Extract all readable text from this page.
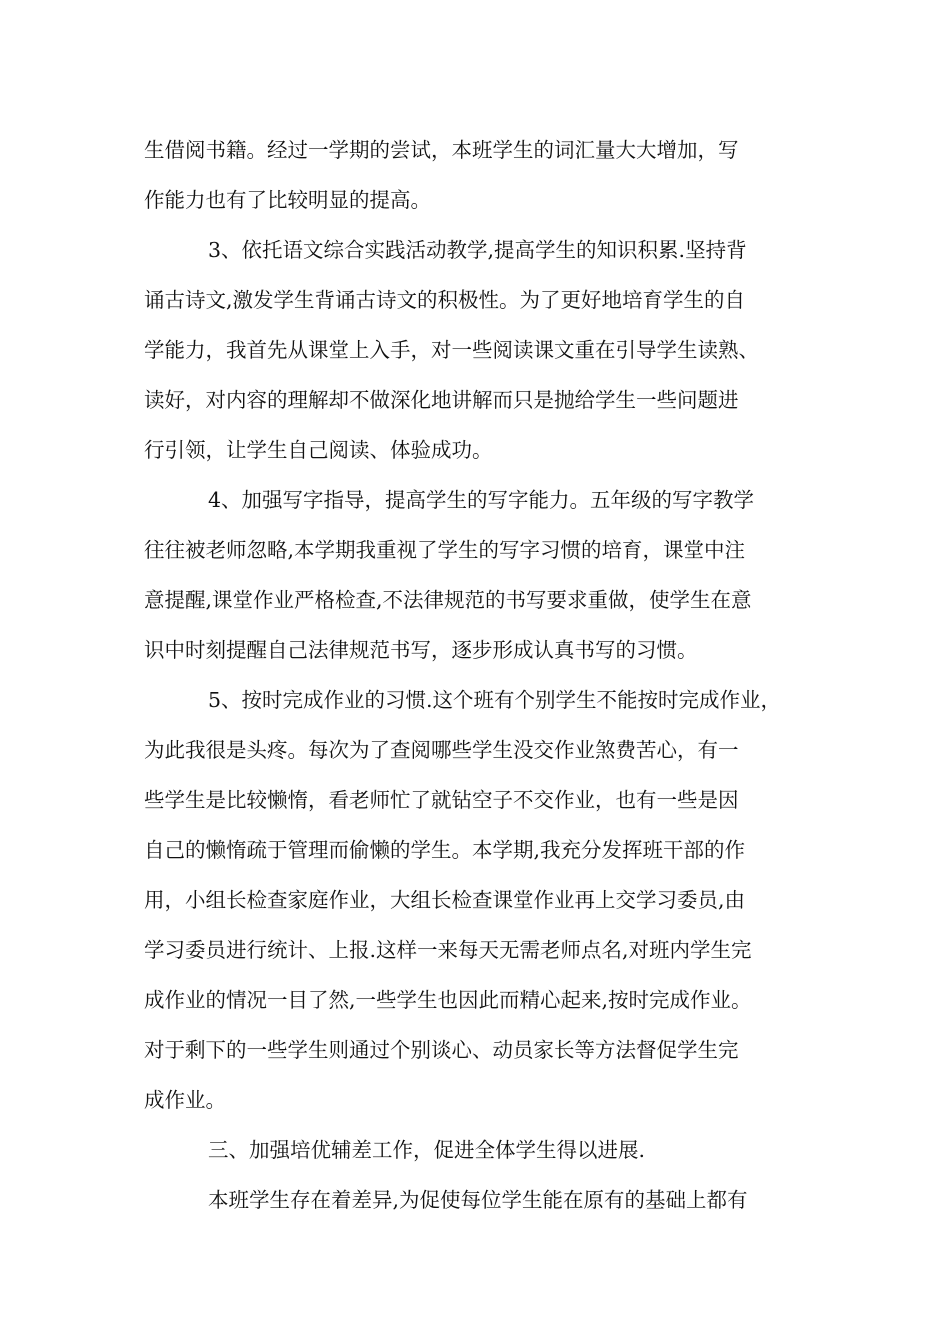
生借阅书籍。经过一学期的尝试，本班学生的词汇量大大增加，写
作能力也有了比较明显的提高。
3、依托语文综合实践活动教学,提高学生的知识积累.坚持背
诵古诗文,激发学生背诵古诗文的积极性。为了更好地培育学生的自
学能力，我首先从课堂上入手，对一些阅读课文重在引导学生读熟、
读好，对内容的理解却不做深化地讲解而只是抛给学生一些问题进
行引领，让学生自己阅读、体验成功。
4、加强写字指导，提高学生的写字能力。五年级的写字教学
往往被老师忽略,本学期我重视了学生的写字习惯的培育，课堂中注
意提醒,课堂作业严格检查,不法律规范的书写要求重做，使学生在意
识中时刻提醒自己法律规范书写，逐步形成认真书写的习惯。
5、按时完成作业的习惯.这个班有个别学生不能按时完成作业，
为此我很是头疼。每次为了查阅哪些学生没交作业煞费苦心，有一
些学生是比较懒惰，看老师忙了就钻空子不交作业，也有一些是因
自己的懒惰疏于管理而偷懒的学生。本学期,我充分发挥班干部的作
用，小组长检查家庭作业，大组长检查课堂作业再上交学习委员,由
学习委员进行统计、上报.这样一来每天无需老师点名,对班内学生完
成作业的情况一目了然,一些学生也因此而精心起来,按时完成作业。
对于剩下的一些学生则通过个别谈心、动员家长等方法督促学生完
成作业。
三、加强培优辅差工作，促进全体学生得以进展.
本班学生存在着差异,为促使每位学生能在原有的基础上都有
